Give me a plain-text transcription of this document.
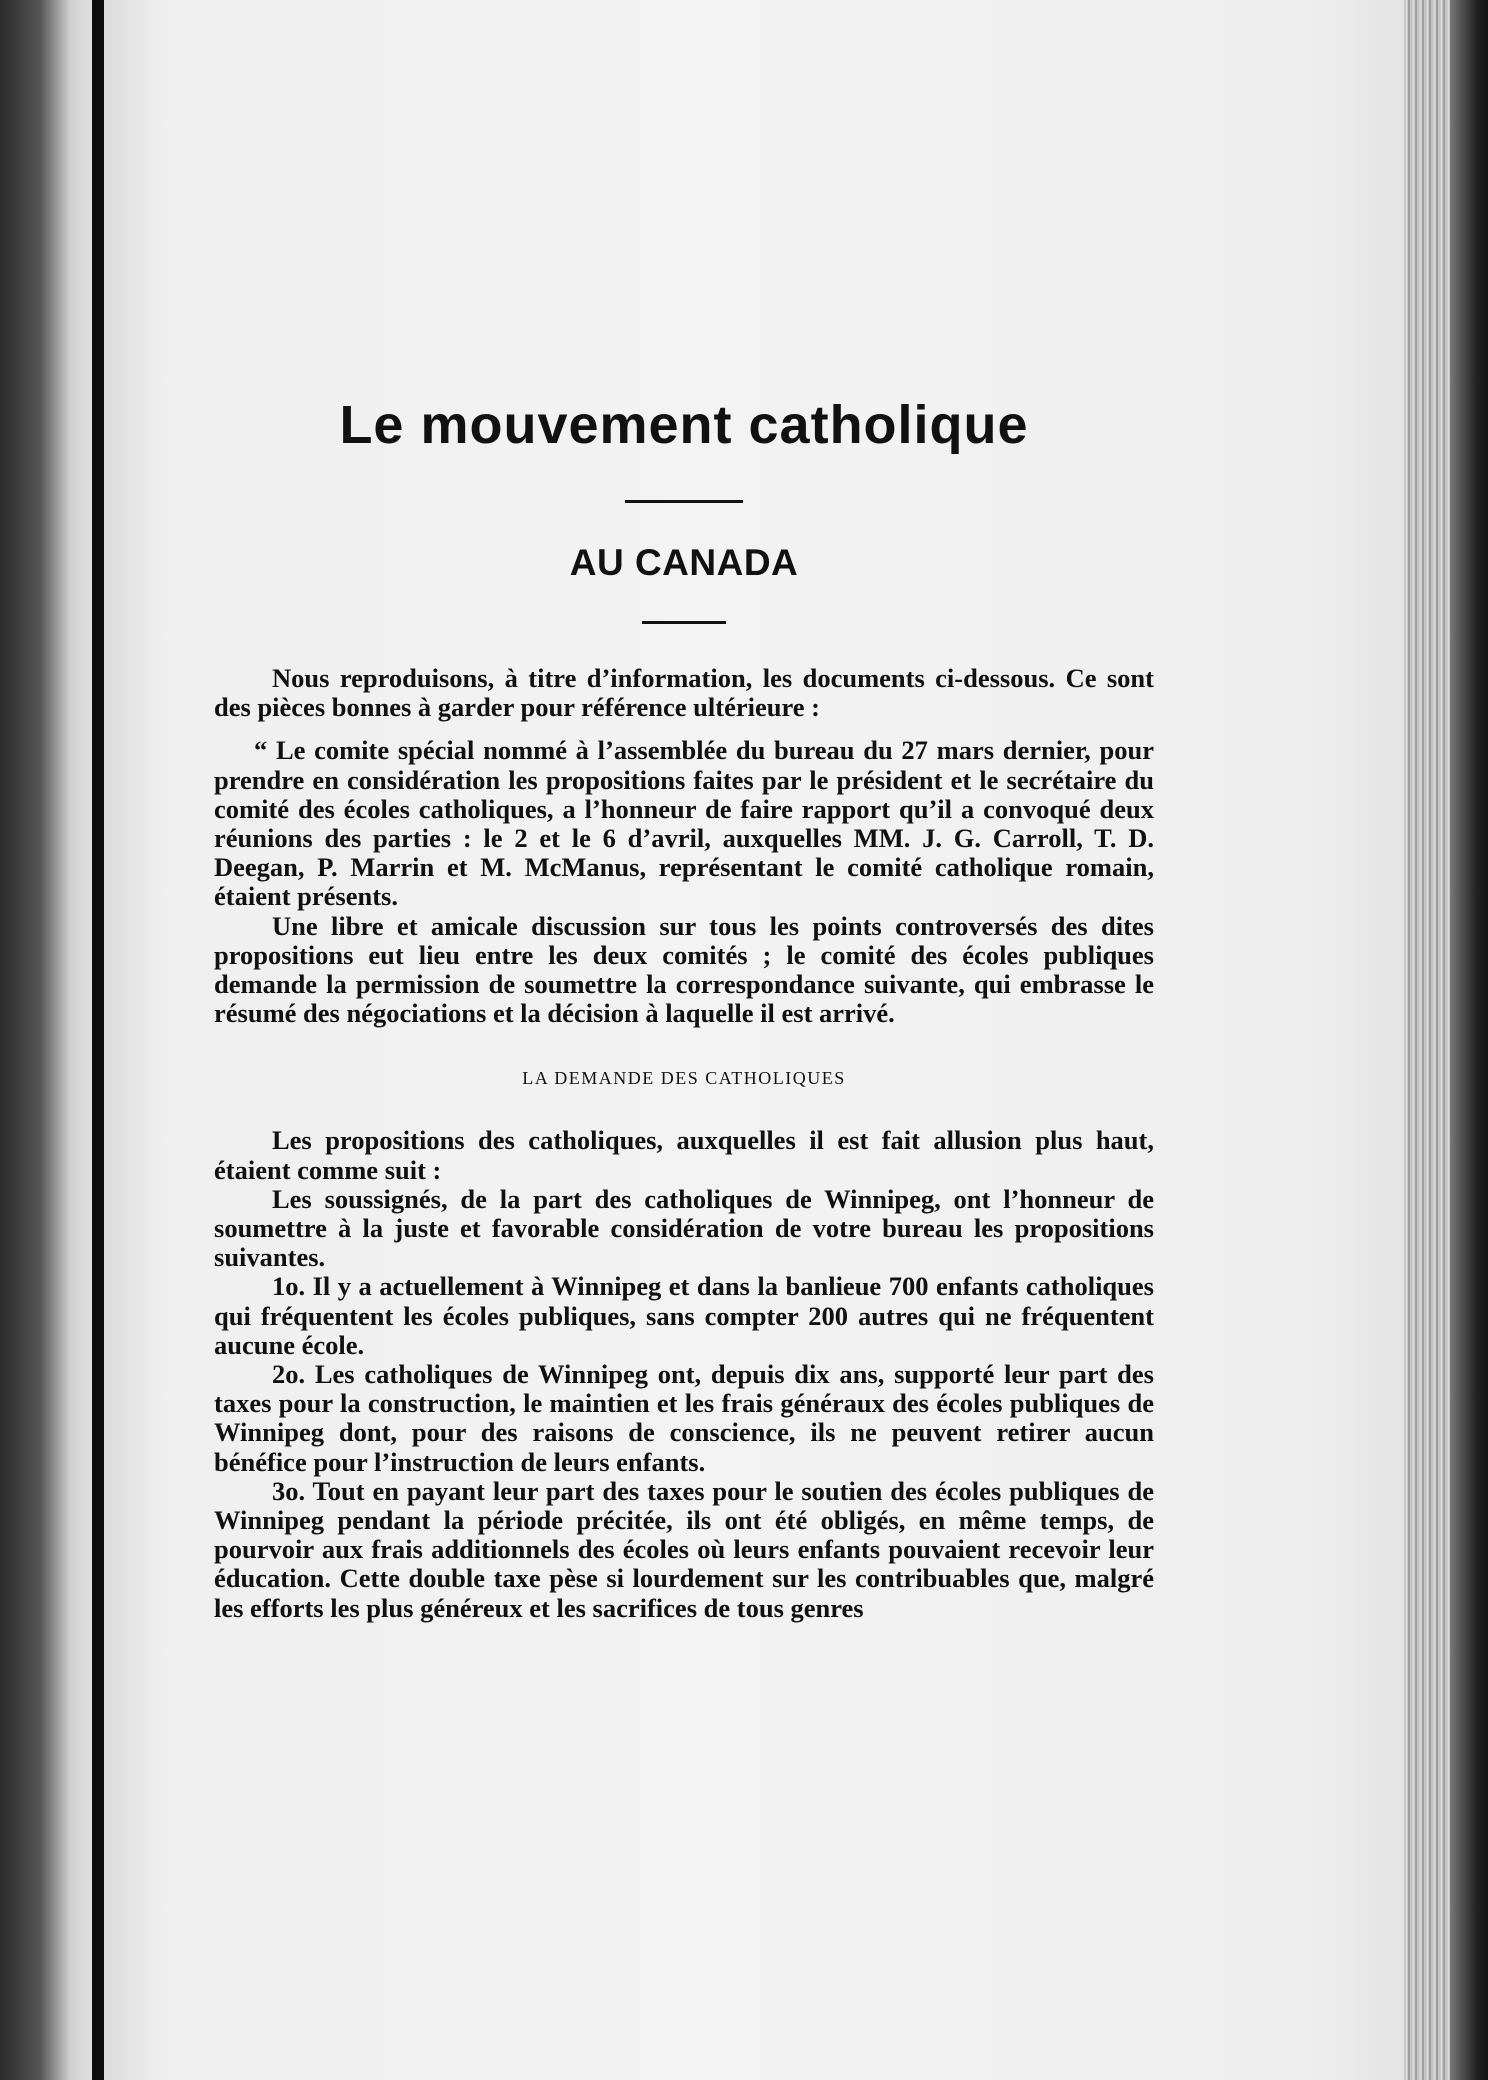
Le mouvement catholique
AU CANADA

Nous reproduisons, à titre d’information, les documents ci-dessous. Ce sont des pièces bonnes à garder pour référence ultérieure :

“ Le comite spécial nommé à l’assemblée du bureau du 27 mars dernier, pour prendre en considération les propositions faites par le président et le secrétaire du comité des écoles catholiques, a l’honneur de faire rapport qu’il a convoqué deux réunions des parties : le 2 et le 6 d’avril, auxquelles MM. J. G. Carroll, T. D. Deegan, P. Marrin et M. McManus, représentant le comité catholique romain, étaient présents.

Une libre et amicale discussion sur tous les points controversés des dites propositions eut lieu entre les deux comités ; le comité des écoles publiques demande la permission de soumettre la correspondance suivante, qui embrasse le résumé des négociations et la décision à laquelle il est arrivé.

LA DEMANDE DES CATHOLIQUES

Les propositions des catholiques, auxquelles il est fait allusion plus haut, étaient comme suit :

Les soussignés, de la part des catholiques de Winnipeg, ont l’honneur de soumettre à la juste et favorable considération de votre bureau les propositions suivantes.

1o. Il y a actuellement à Winnipeg et dans la banlieue 700 enfants catholiques qui fréquentent les écoles publiques, sans compter 200 autres qui ne fréquentent aucune école.

2o. Les catholiques de Winnipeg ont, depuis dix ans, supporté leur part des taxes pour la construction, le maintien et les frais généraux des écoles publiques de Winnipeg dont, pour des raisons de conscience, ils ne peuvent retirer aucun bénéfice pour l’instruction de leurs enfants.

3o. Tout en payant leur part des taxes pour le soutien des écoles publiques de Winnipeg pendant la période précitée, ils ont été obligés, en même temps, de pourvoir aux frais additionnels des écoles où leurs enfants pouvaient recevoir leur éducation. Cette double taxe pèse si lourdement sur les contribuables que, malgré les efforts les plus généreux et les sacrifices de tous genres
